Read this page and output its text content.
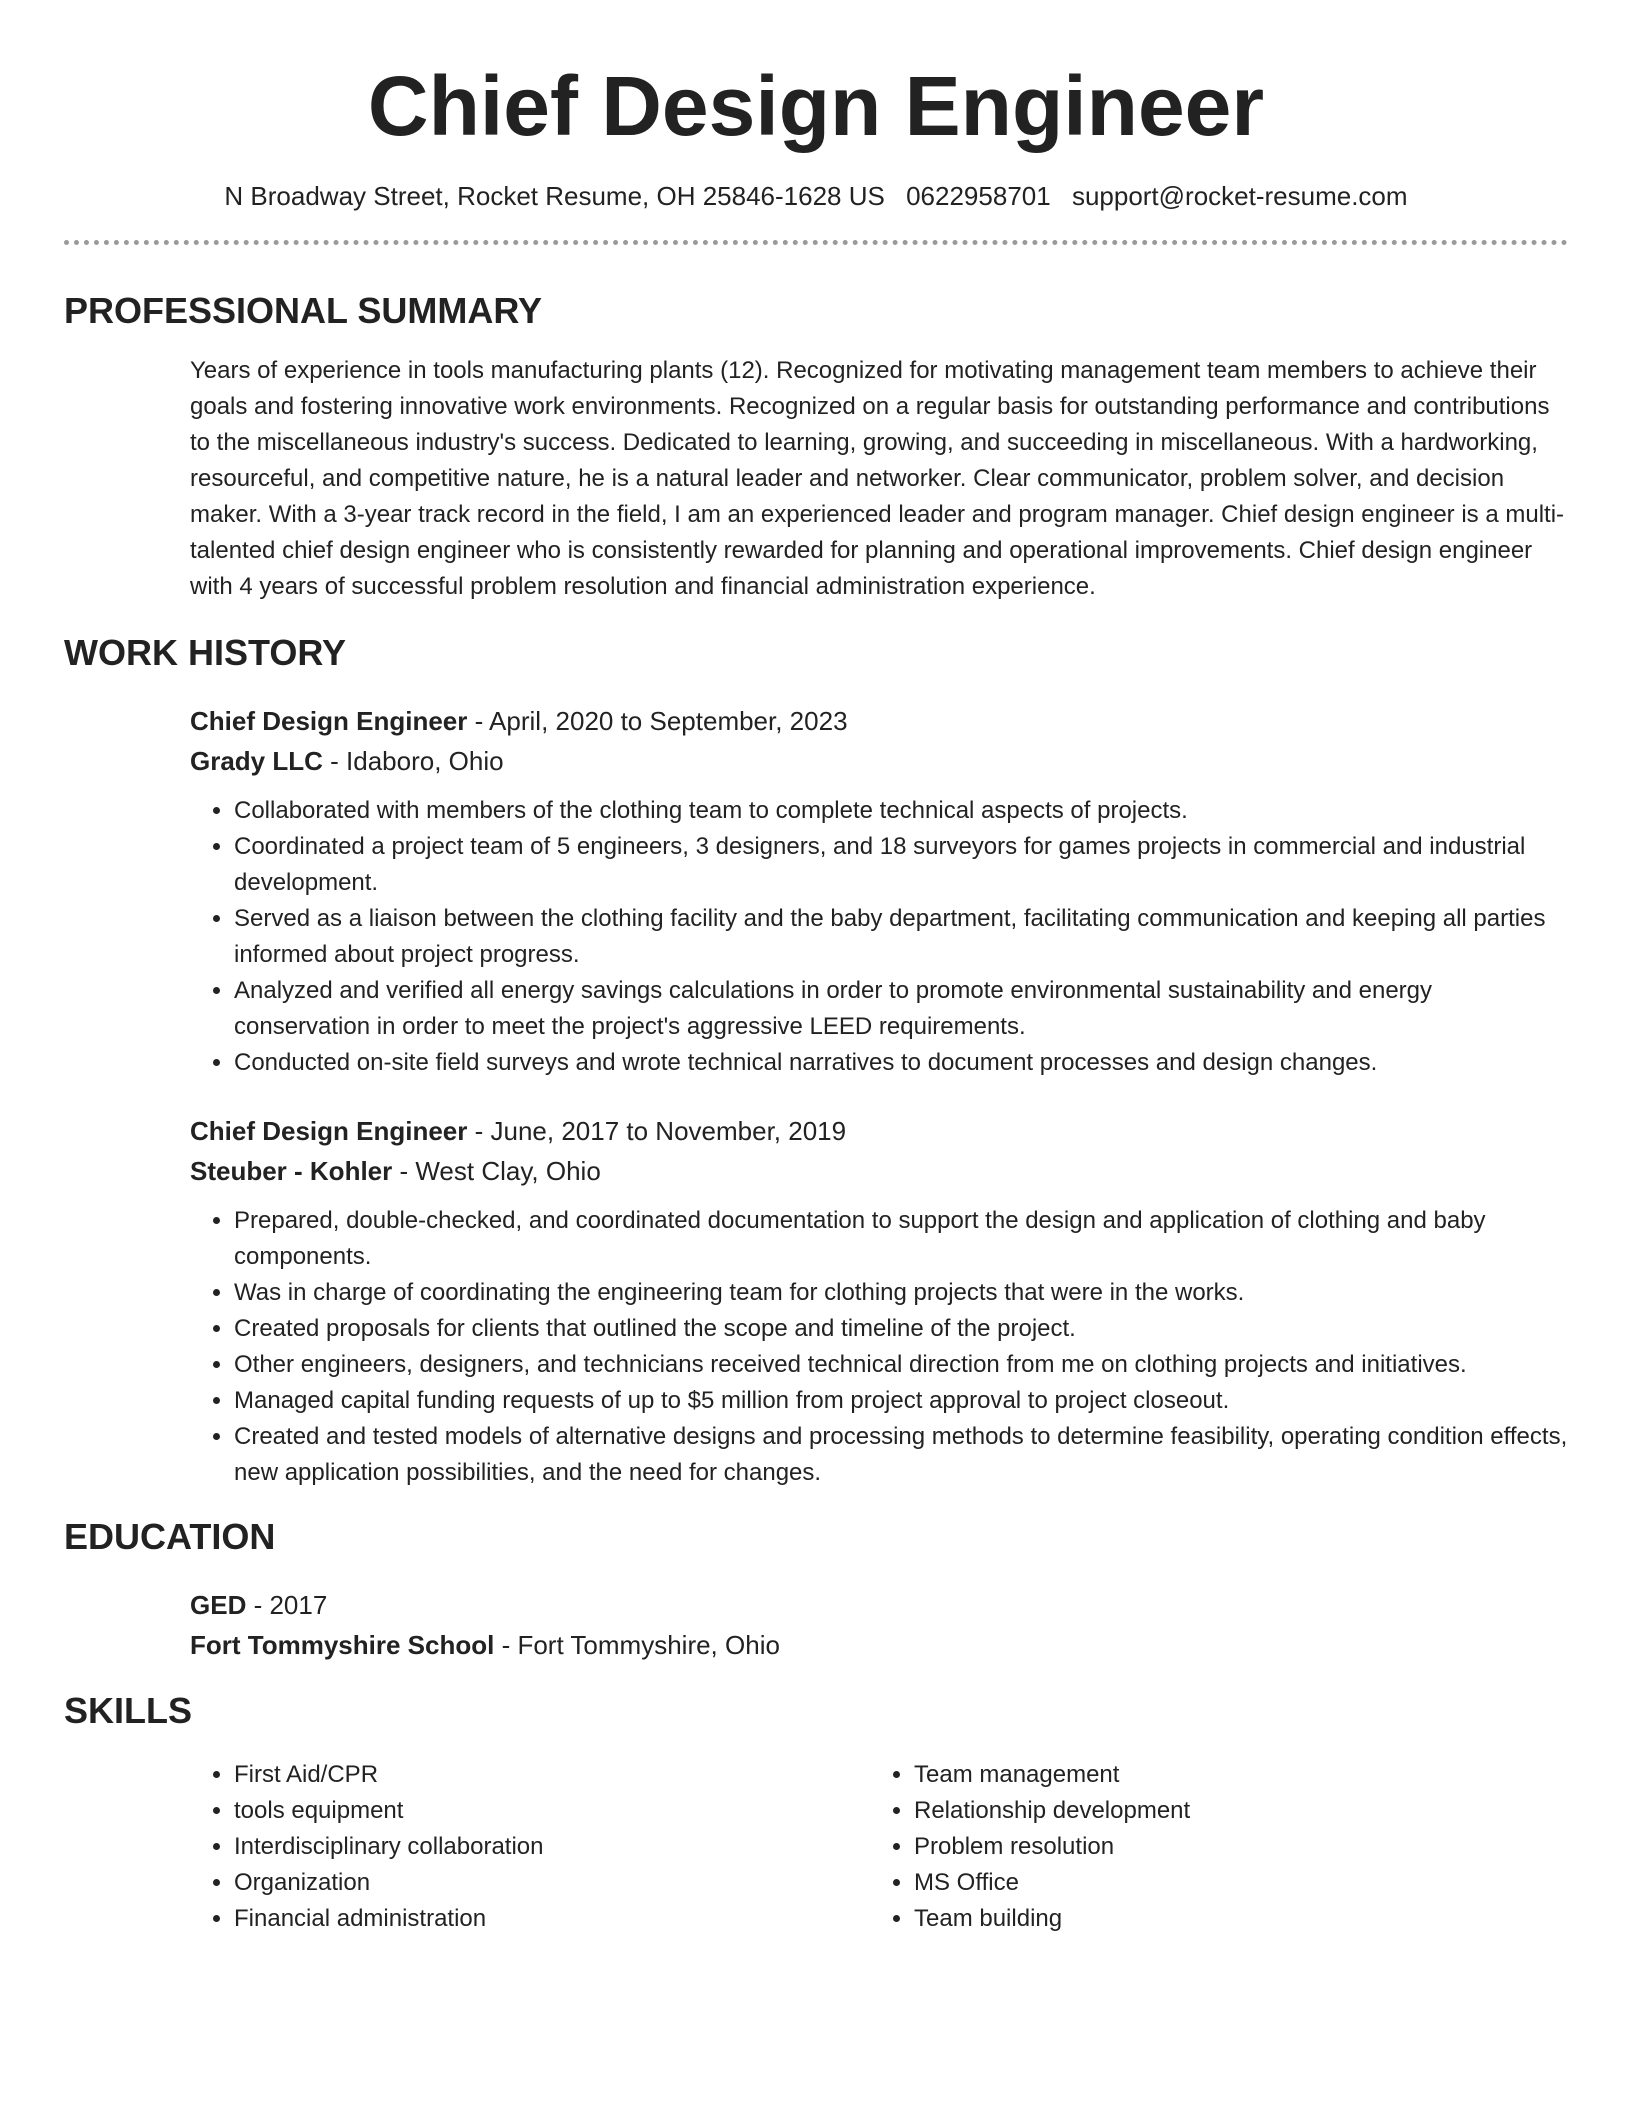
Chief Design Engineer
N Broadway Street, Rocket Resume, OH 25846-1628 US 0622958701 support@rocket-resume.com
PROFESSIONAL SUMMARY
Years of experience in tools manufacturing plants (12). Recognized for motivating management team members to achieve their goals and fostering innovative work environments. Recognized on a regular basis for outstanding performance and contributions to the miscellaneous industry's success. Dedicated to learning, growing, and succeeding in miscellaneous. With a hardworking, resourceful, and competitive nature, he is a natural leader and networker. Clear communicator, problem solver, and decision maker. With a 3-year track record in the field, I am an experienced leader and program manager. Chief design engineer is a multi-talented chief design engineer who is consistently rewarded for planning and operational improvements. Chief design engineer with 4 years of successful problem resolution and financial administration experience.
WORK HISTORY
Chief Design Engineer - April, 2020 to September, 2023
Grady LLC - Idaboro, Ohio
• Collaborated with members of the clothing team to complete technical aspects of projects.
• Coordinated a project team of 5 engineers, 3 designers, and 18 surveyors for games projects in commercial and industrial development.
• Served as a liaison between the clothing facility and the baby department, facilitating communication and keeping all parties informed about project progress.
• Analyzed and verified all energy savings calculations in order to promote environmental sustainability and energy conservation in order to meet the project's aggressive LEED requirements.
• Conducted on-site field surveys and wrote technical narratives to document processes and design changes.
Chief Design Engineer - June, 2017 to November, 2019
Steuber - Kohler - West Clay, Ohio
• Prepared, double-checked, and coordinated documentation to support the design and application of clothing and baby components.
• Was in charge of coordinating the engineering team for clothing projects that were in the works.
• Created proposals for clients that outlined the scope and timeline of the project.
• Other engineers, designers, and technicians received technical direction from me on clothing projects and initiatives.
• Managed capital funding requests of up to $5 million from project approval to project closeout.
• Created and tested models of alternative designs and processing methods to determine feasibility, operating condition effects, new application possibilities, and the need for changes.
EDUCATION
GED - 2017
Fort Tommyshire School - Fort Tommyshire, Ohio
SKILLS
• First Aid/CPR
• tools equipment
• Interdisciplinary collaboration
• Organization
• Financial administration
• Team management
• Relationship development
• Problem resolution
• MS Office
• Team building
